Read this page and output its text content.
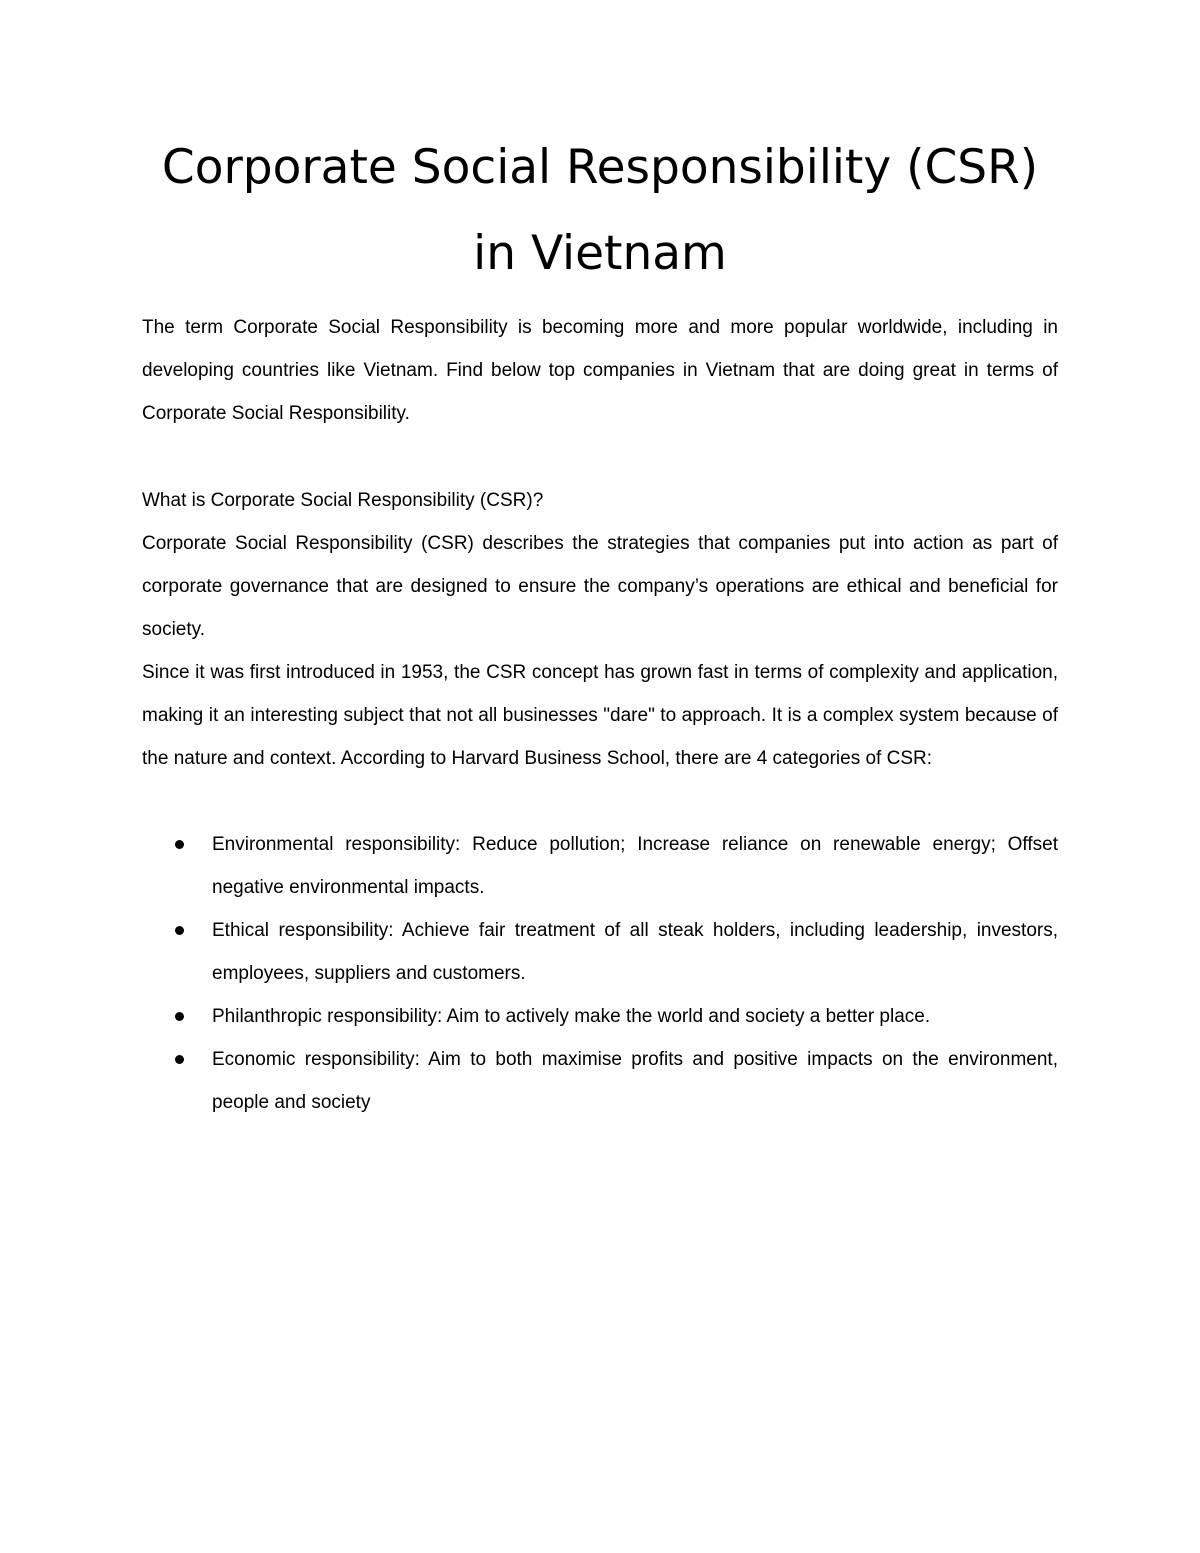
Corporate Social Responsibility (CSR)
in Vietnam

The term Corporate Social Responsibility is becoming more and more popular worldwide, including in developing countries like Vietnam. Find below top companies in Vietnam that are doing great in terms of Corporate Social Responsibility.

What is Corporate Social Responsibility (CSR)?

Corporate Social Responsibility (CSR) describes the strategies that companies put into action as part of corporate governance that are designed to ensure the company’s operations are ethical and beneficial for society.

Since it was first introduced in 1953, the CSR concept has grown fast in terms of complexity and application, making it an interesting subject that not all businesses "dare" to approach. It is a complex system because of the nature and context. According to Harvard Business School, there are 4 categories of CSR:

Environmental responsibility: Reduce pollution; Increase reliance on renewable energy; Offset negative environmental impacts.
Ethical responsibility: Achieve fair treatment of all steak holders, including leadership, investors, employees, suppliers and customers.
Philanthropic responsibility: Aim to actively make the world and society a better place.
Economic responsibility: Aim to both maximise profits and positive impacts on the environment, people and society
